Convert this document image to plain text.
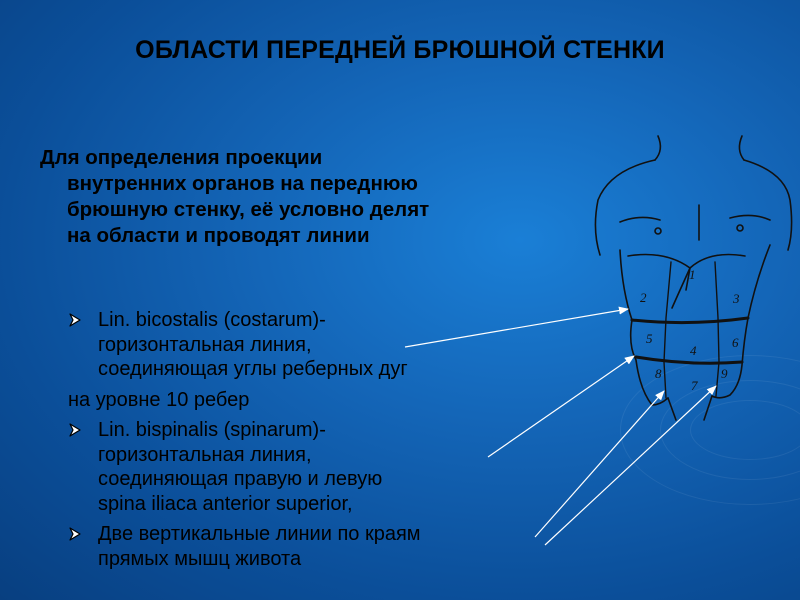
ОБЛАСТИ ПЕРЕДНЕЙ БРЮШНОЙ СТЕНКИ
Для определения проекции
внутренних органов на переднюю
брюшную стенку, её условно делят
на области и проводят линии
Lin. bicostalis (costarum)-
горизонтальная линия,
соединяющая углы реберных дуг
на уровне 10 ребер
Lin. bispinalis (spinarum)-
горизонтальная линия,
соединяющая правую и левую
spina iliaca anterior superior,
Две вертикальные линии по краям
прямых мышц живота
1
2	3
4
5	6
7
8	9
